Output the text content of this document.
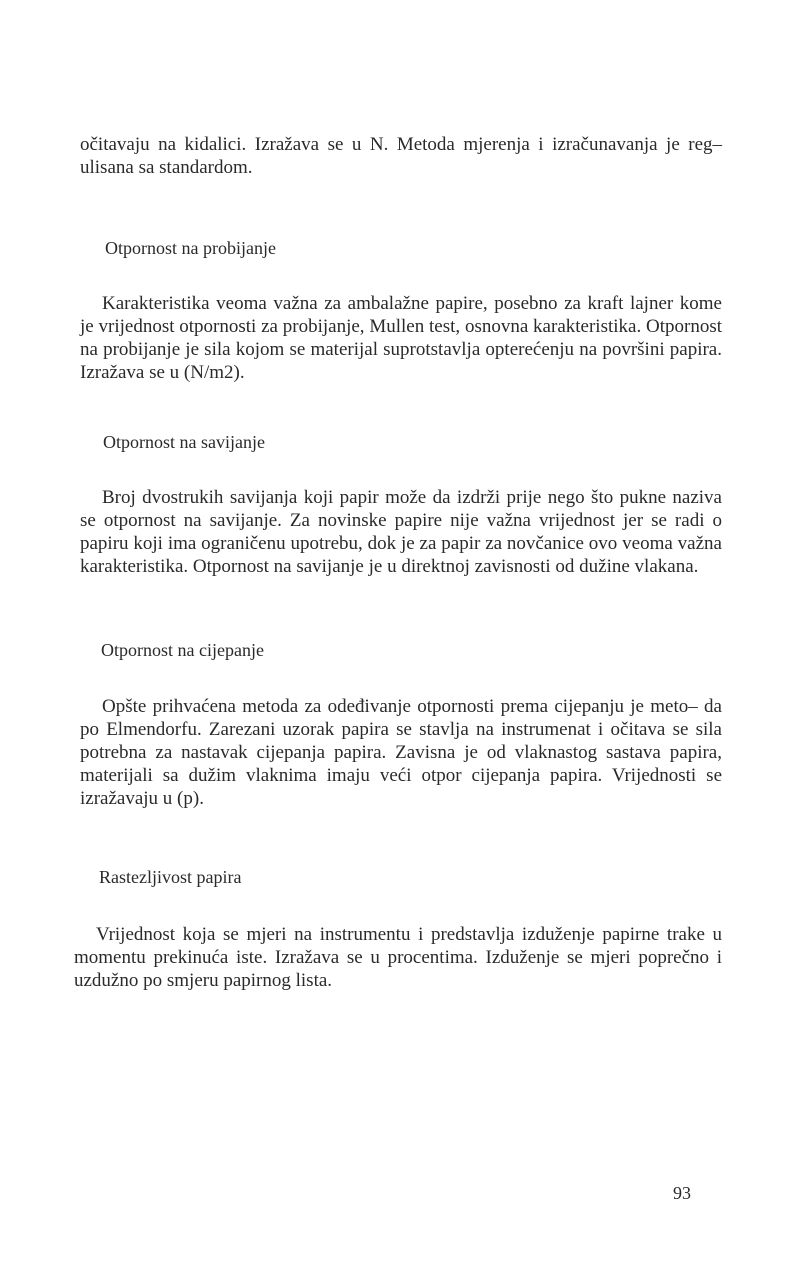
očitavaju na kidalici. Izražava se u N. Metoda mjerenja i izračunavanja je reg– ulisana sa standardom.

Otpornost na probijanje

Karakteristika veoma važna za ambalažne papire, posebno za kraft lajner kome je vrijednost otpornosti za probijanje, Mullen test, osnovna karakteristika. Otpornost na probijanje je sila kojom se materijal suprotstavlja opterećenju na površini papira. Izražava se u (N/m2).

Otpornost na savijanje

Broj dvostrukih savijanja koji papir može da izdrži prije nego što pukne naziva se otpornost na savijanje. Za novinske papire nije važna vrijednost jer se radi o papiru koji ima ograničenu upotrebu, dok je za papir za novčanice ovo veoma važna karakteristika. Otpornost na savijanje je u direktnoj zavisnosti od dužine vlakana.

Otpornost na cijepanje

Opšte prihvaćena metoda za odeđivanje otpornosti prema cijepanju je meto– da po Elmendorfu. Zarezani uzorak papira se stavlja na instrumenat i očitava se sila potrebna za nastavak cijepanja papira. Zavisna je od vlaknastog sastava papira, materijali sa dužim vlaknima imaju veći otpor cijepanja papira. Vrijednosti se izražavaju u (p).

Rastezljivost papira

Vrijednost koja se mjeri na instrumentu i predstavlja izduženje papirne trake u momentu prekinuća iste. Izražava se u procentima. Izduženje se mjeri poprečno i uzdužno po smjeru papirnog lista.

93
